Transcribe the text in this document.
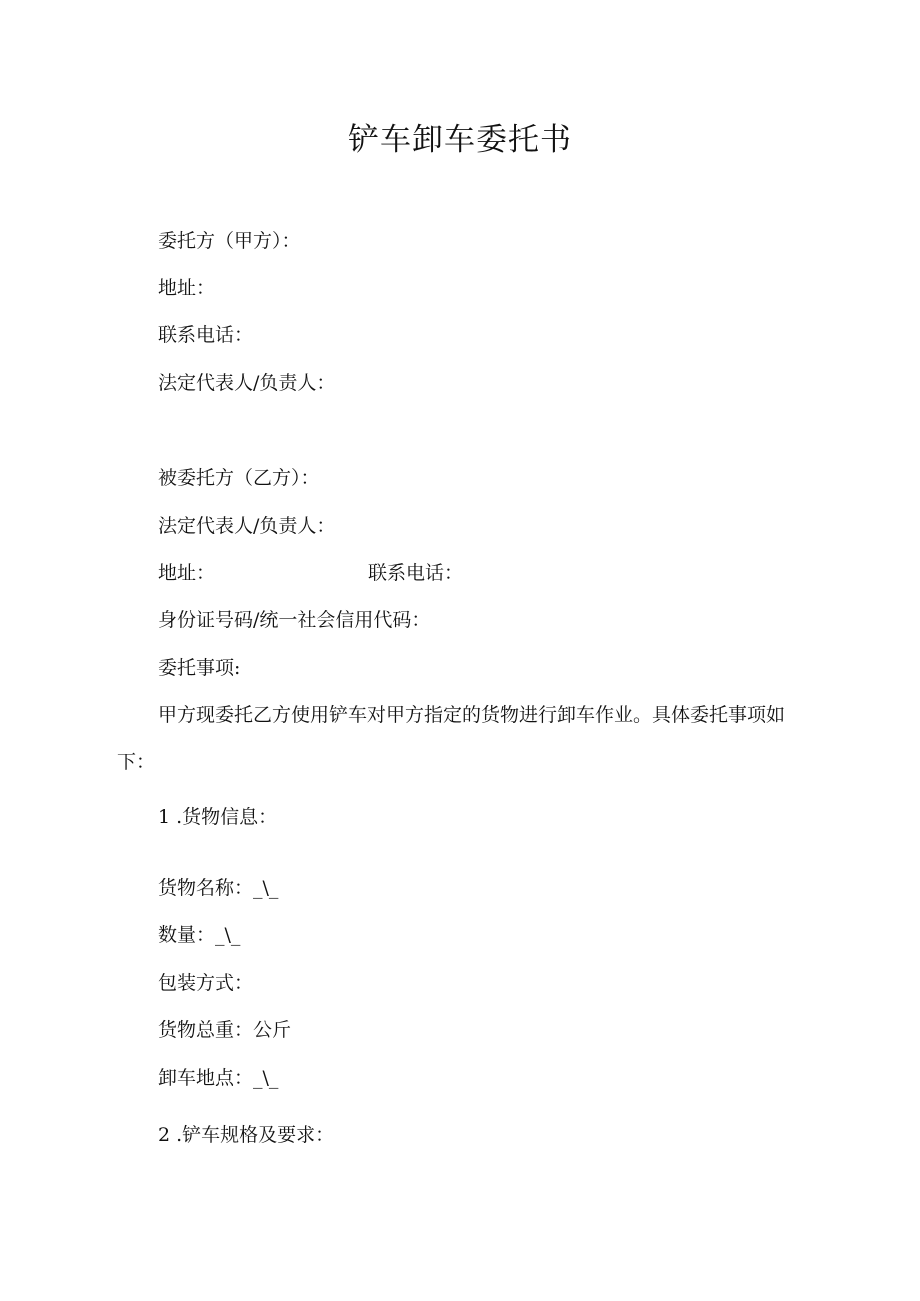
铲车卸车委托书
委托方（甲方）：
地址：
联系电话：
法定代表人/负责人：
被委托方（乙方）：
法定代表人/负责人：
地址：	联系电话：
身份证号码/统一社会信用代码：
委托事项:
甲方现委托乙方使用铲车对甲方指定的货物进行卸车作业。具体委托事项如下：
1 .货物信息：
货物名称：_\_
数量：_\_
包装方式：
货物总重：公斤
卸车地点：_\_
2 .铲车规格及要求：
